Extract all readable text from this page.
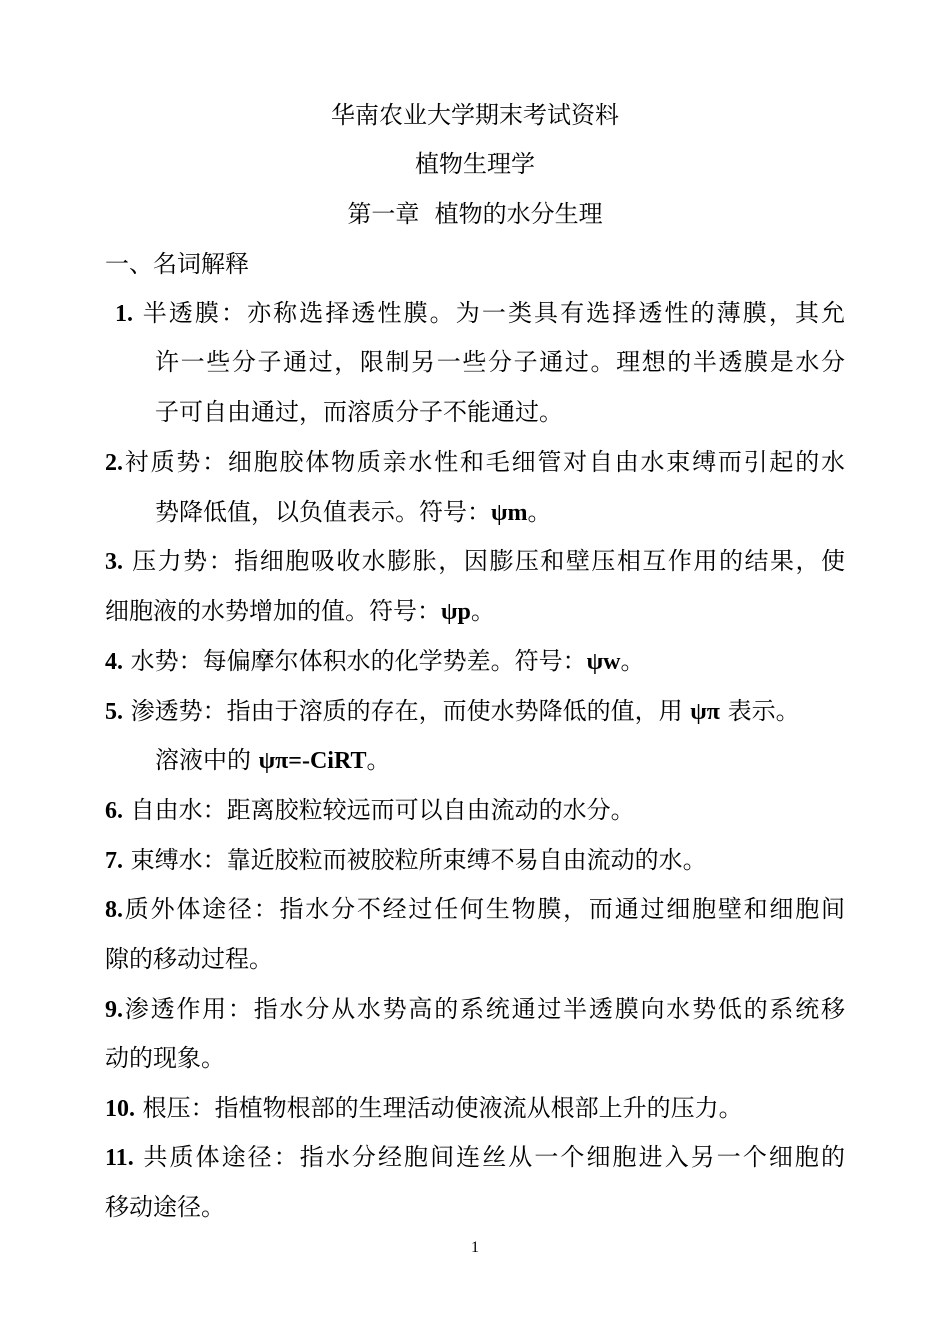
华南农业大学期末考试资料
植物生理学
第一章  植物的水分生理
一、名词解释
1. 半透膜：亦称选择透性膜。为一类具有选择透性的薄膜，其允
许一些分子通过，限制另一些分子通过。理想的半透膜是水分
子可自由通过，而溶质分子不能通过。
2.衬质势：细胞胶体物质亲水性和毛细管对自由水束缚而引起的水
势降低值，以负值表示。符号：ψm。
3. 压力势：指细胞吸收水膨胀，因膨压和壁压相互作用的结果，使
细胞液的水势增加的值。符号：ψp。
4. 水势：每偏摩尔体积水的化学势差。符号：ψw。
5. 渗透势：指由于溶质的存在，而使水势降低的值，用 ψπ 表示。
溶液中的 ψπ=-CiRT。
6. 自由水：距离胶粒较远而可以自由流动的水分。
7. 束缚水：靠近胶粒而被胶粒所束缚不易自由流动的水。
8.质外体途径：指水分不经过任何生物膜，而通过细胞壁和细胞间
隙的移动过程。
9.渗透作用：指水分从水势高的系统通过半透膜向水势低的系统移
动的现象。
10. 根压：指植物根部的生理活动使液流从根部上升的压力。
11. 共质体途径：指水分经胞间连丝从一个细胞进入另一个细胞的
移动途径。
1
